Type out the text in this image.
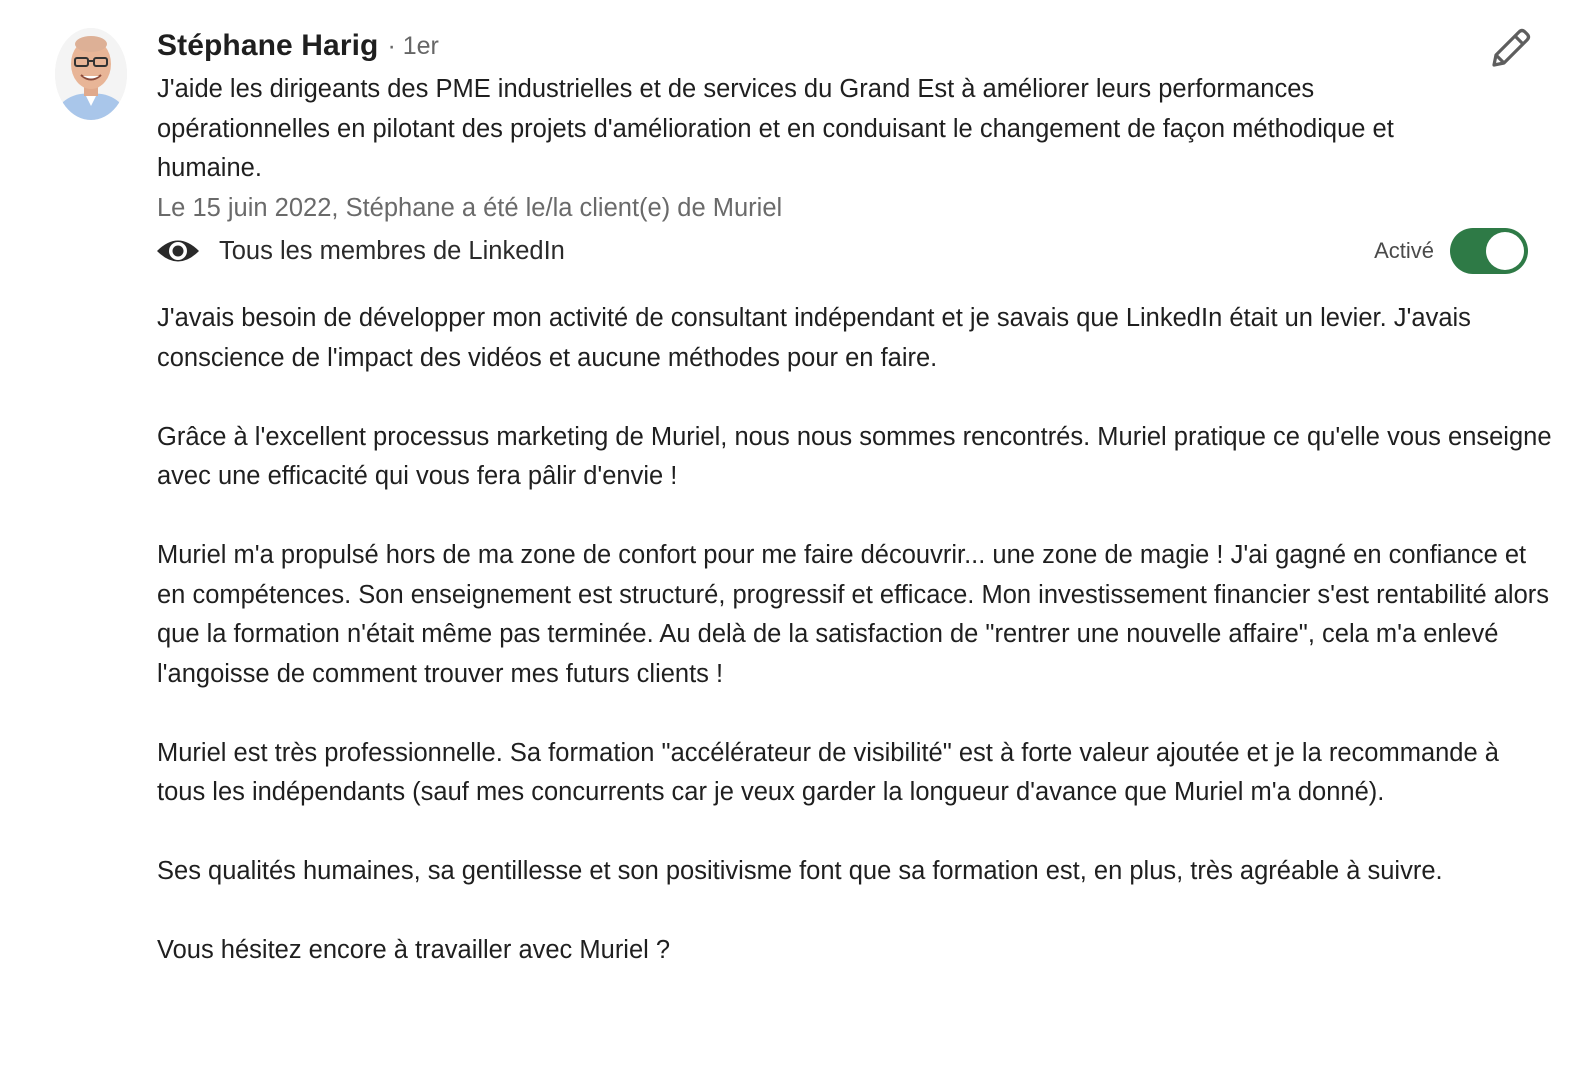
Stéphane Harig · 1er
J'aide les dirigeants des PME industrielles et de services du Grand Est à améliorer leurs performances opérationnelles en pilotant des projets d'amélioration et en conduisant le changement de façon méthodique et humaine.
Le 15 juin 2022, Stéphane a été le/la client(e) de Muriel
Tous les membres de LinkedIn	Activé

J'avais besoin de développer mon activité de consultant indépendant et je savais que LinkedIn était un levier. J'avais conscience de l'impact des vidéos et aucune méthodes pour en faire.

Grâce à l'excellent processus marketing de Muriel, nous nous sommes rencontrés. Muriel pratique ce qu'elle vous enseigne avec une efficacité qui vous fera pâlir d'envie !

Muriel m'a propulsé hors de ma zone de confort pour me faire découvrir... une zone de magie ! J'ai gagné en confiance et en compétences. Son enseignement est structuré, progressif et efficace. Mon investissement financier s'est rentabilité alors que la formation n'était même pas terminée. Au delà de la satisfaction de "rentrer une nouvelle affaire", cela m'a enlevé l'angoisse de comment trouver mes futurs clients !

Muriel est très professionnelle. Sa formation "accélérateur de visibilité" est à forte valeur ajoutée et je la recommande à tous les indépendants (sauf mes concurrents car je veux garder la longueur d'avance que Muriel m'a donné).

Ses qualités humaines, sa gentillesse et son positivisme font que sa formation est, en plus, très agréable à suivre.

Vous hésitez encore à travailler avec Muriel ?
